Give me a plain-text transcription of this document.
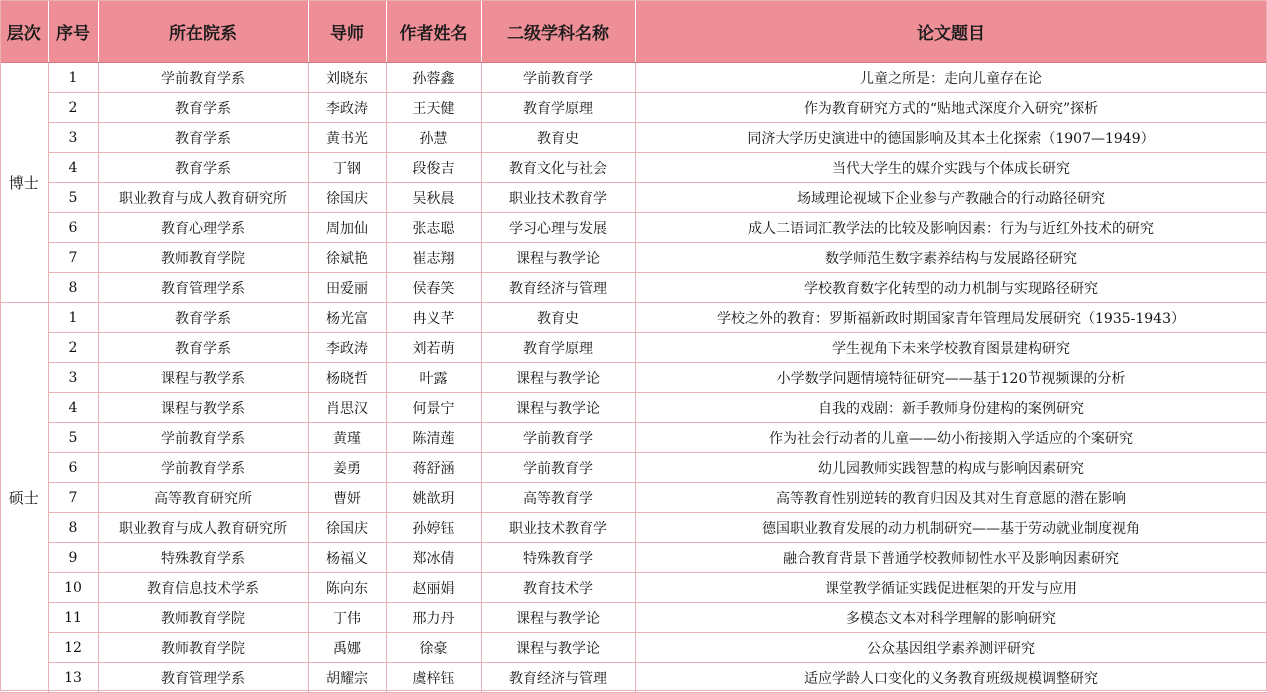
层次	序号	所在院系	导师	作者姓名	二级学科名称	论文题目
博士	1	学前教育学系	刘晓东	孙蓉鑫	学前教育学	儿童之所是：走向儿童存在论
	2	教育学系	李政涛	王天健	教育学原理	作为教育研究方式的“贴地式深度介入研究”探析
	3	教育学系	黄书光	孙慧	教育史	同济大学历史演进中的德国影响及其本土化探索（1907—1949）
	4	教育学系	丁钢	段俊吉	教育文化与社会	当代大学生的媒介实践与个体成长研究
	5	职业教育与成人教育研究所	徐国庆	吴秋晨	职业技术教育学	场域理论视域下企业参与产教融合的行动路径研究
	6	教育心理学系	周加仙	张志聪	学习心理与发展	成人二语词汇教学法的比较及影响因素：行为与近红外技术的研究
	7	教师教育学院	徐斌艳	崔志翔	课程与教学论	数学师范生数字素养结构与发展路径研究
	8	教育管理学系	田爱丽	侯春笑	教育经济与管理	学校教育数字化转型的动力机制与实现路径研究
硕士	1	教育学系	杨光富	冉义芊	教育史	学校之外的教育：罗斯福新政时期国家青年管理局发展研究（1935-1943）
	2	教育学系	李政涛	刘若萌	教育学原理	学生视角下未来学校教育图景建构研究
	3	课程与教学系	杨晓哲	叶露	课程与教学论	小学数学问题情境特征研究——基于120节视频课的分析
	4	课程与教学系	肖思汉	何景宁	课程与教学论	自我的戏剧：新手教师身份建构的案例研究
	5	学前教育学系	黄瑾	陈清莲	学前教育学	作为社会行动者的儿童——幼小衔接期入学适应的个案研究
	6	学前教育学系	姜勇	蒋舒涵	学前教育学	幼儿园教师实践智慧的构成与影响因素研究
	7	高等教育研究所	曹妍	姚歆玥	高等教育学	高等教育性别逆转的教育归因及其对生育意愿的潜在影响
	8	职业教育与成人教育研究所	徐国庆	孙婷钰	职业技术教育学	德国职业教育发展的动力机制研究——基于劳动就业制度视角
	9	特殊教育学系	杨福义	郑冰倩	特殊教育学	融合教育背景下普通学校教师韧性水平及影响因素研究
	10	教育信息技术学系	陈向东	赵丽娟	教育技术学	课堂教学循证实践促进框架的开发与应用
	11	教师教育学院	丁伟	邢力丹	课程与教学论	多模态文本对科学理解的影响研究
	12	教师教育学院	禹娜	徐豪	课程与教学论	公众基因组学素养测评研究
	13	教育管理学系	胡耀宗	虞梓钰	教育经济与管理	适应学龄人口变化的义务教育班级规模调整研究
